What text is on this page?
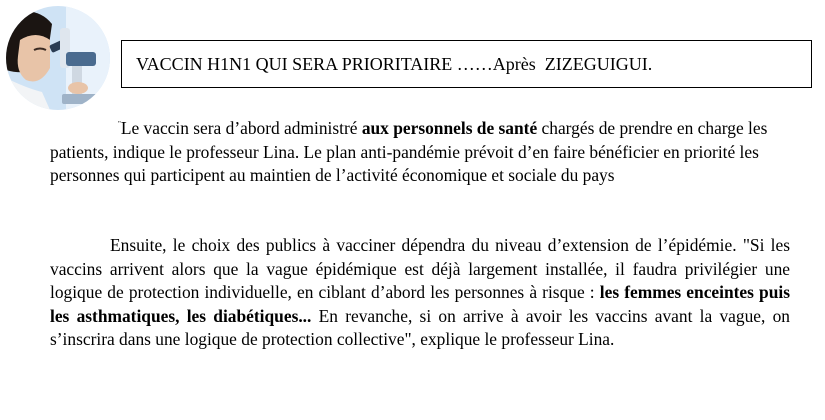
VACCIN H1N1 QUI SERA PRIORITAIRE ……Après  ZIZEGUIGUI.

"Le vaccin sera d’abord administré aux personnels de santé chargés de prendre en charge les patients, indique le professeur Lina. Le plan anti-pandémie prévoit d’en faire bénéficier en priorité les personnes qui participent au maintien de l’activité économique et sociale du pays

Ensuite, le choix des publics à vacciner dépendra du niveau d’extension de l’épidémie. "Si les vaccins arrivent alors que la vague épidémique est déjà largement installée, il faudra privilégier une logique de protection individuelle, en ciblant d’abord les personnes à risque : les femmes enceintes puis les asthmatiques, les diabétiques... En revanche, si on arrive à avoir les vaccins avant la vague, on s’inscrira dans une logique de protection collective", explique le professeur Lina.
